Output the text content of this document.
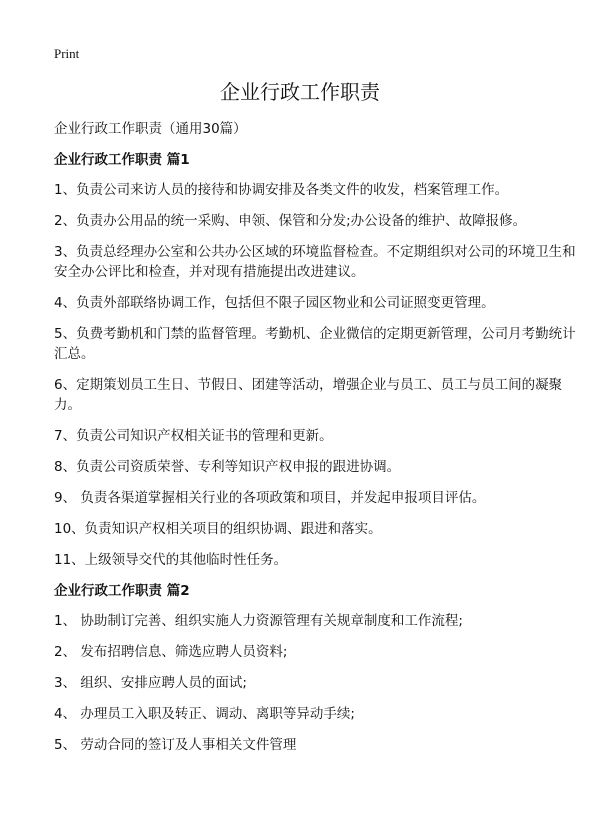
Print
企业行政工作职责

企业行政工作职责（通用30篇）

企业行政工作职责 篇1

1、负责公司来访人员的接待和协调安排及各类文件的收发，档案管理工作。

2、负责办公用品的统一采购、申领、保管和分发;办公设备的维护、故障报修。

3、负责总经理办公室和公共办公区域的环境监督检查。不定期组织对公司的环境卫生和安全办公评比和检查，并对现有措施提出改进建议。

4、负责外部联络协调工作，包括但不限子园区物业和公司证照变更管理。

5、负费考勤机和门禁的监督管理。考勤机、企业微信的定期更新管理，公司月考勤统计汇总。

6、定期策划员工生日、节假日、团建等活动，增强企业与员工、员工与员工间的凝聚力。

7、负责公司知识产权相关证书的管理和更新。

8、负责公司资质荣誉、专利等知识产权申报的跟进协调。

9、 负责各渠道掌握相关行业的各项政策和项目，并发起申报项目评估。

10、负责知识产权相关项目的组织协调、跟进和落实。

11、上级领导交代的其他临时性任务。

企业行政工作职责 篇2

1、 协助制订完善、组织实施人力资源管理有关规章制度和工作流程;

2、 发布招聘信息、筛选应聘人员资料;

3、 组织、安排应聘人员的面试;

4、 办理员工入职及转正、调动、离职等异动手续;

5、 劳动合同的签订及人事相关文件管理
